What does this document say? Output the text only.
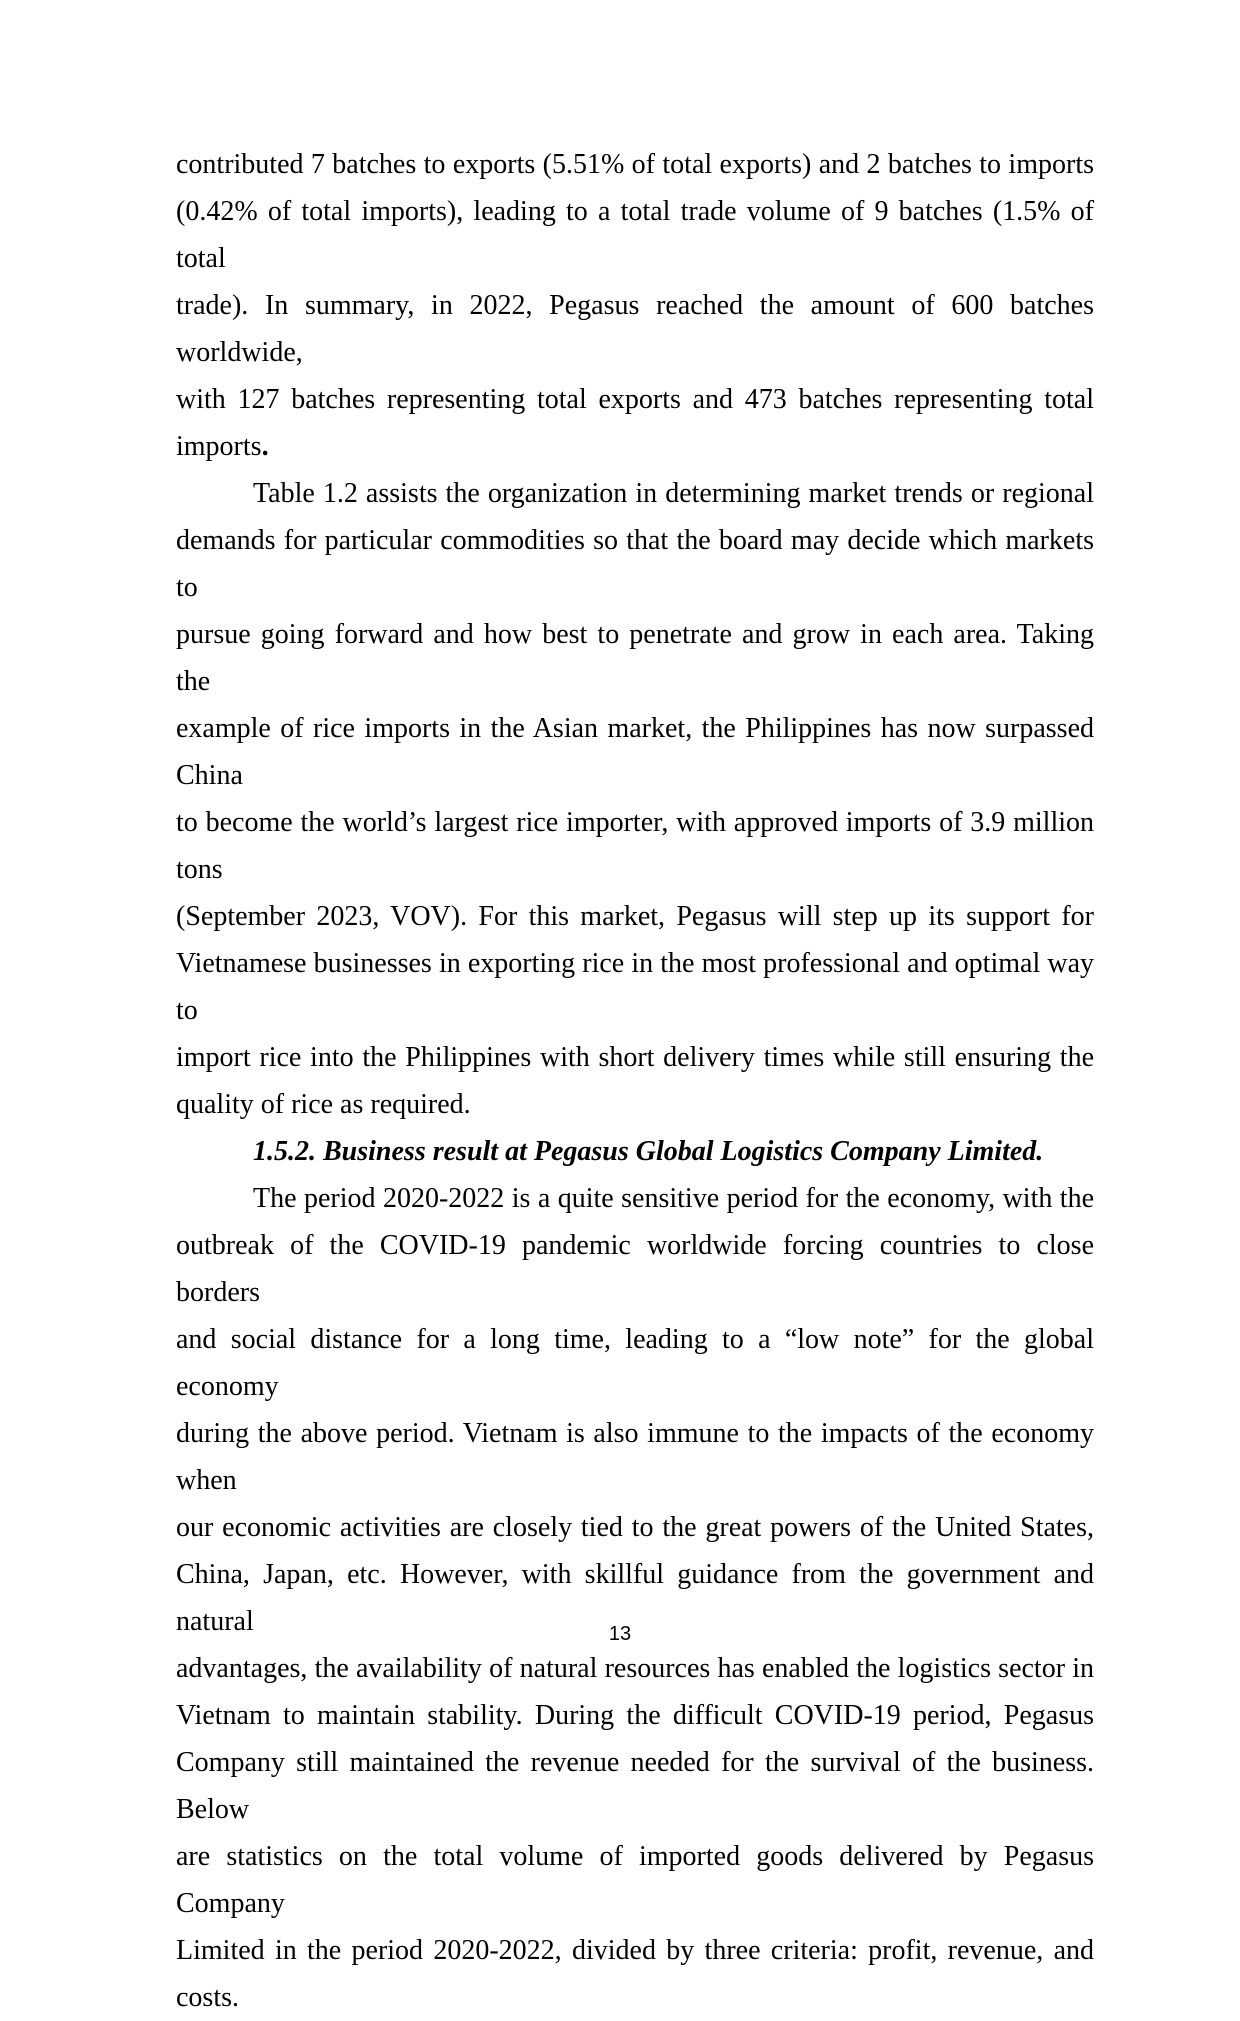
contributed 7 batches to exports (5.51% of total exports) and 2 batches to imports
(0.42% of total imports), leading to a total trade volume of 9 batches (1.5% of total
trade). In summary, in 2022, Pegasus reached the amount of 600 batches worldwide,
with 127 batches representing total exports and 473 batches representing total
imports.
Table 1.2 assists the organization in determining market trends or regional
demands for particular commodities so that the board may decide which markets to
pursue going forward and how best to penetrate and grow in each area. Taking the
example of rice imports in the Asian market, the Philippines has now surpassed China
to become the world’s largest rice importer, with approved imports of 3.9 million tons
(September 2023, VOV). For this market, Pegasus will step up its support for
Vietnamese businesses in exporting rice in the most professional and optimal way to
import rice into the Philippines with short delivery times while still ensuring the
quality of rice as required.
1.5.2. Business result at Pegasus Global Logistics Company Limited.
The period 2020-2022 is a quite sensitive period for the economy, with the
outbreak of the COVID-19 pandemic worldwide forcing countries to close borders
and social distance for a long time, leading to a “low note” for the global economy
during the above period. Vietnam is also immune to the impacts of the economy when
our economic activities are closely tied to the great powers of the United States,
China, Japan, etc. However, with skillful guidance from the government and natural
advantages, the availability of natural resources has enabled the logistics sector in
Vietnam to maintain stability. During the difficult COVID-19 period, Pegasus
Company still maintained the revenue needed for the survival of the business. Below
are statistics on the total volume of imported goods delivered by Pegasus Company
Limited in the period 2020-2022, divided by three criteria: profit, revenue, and costs.
13
